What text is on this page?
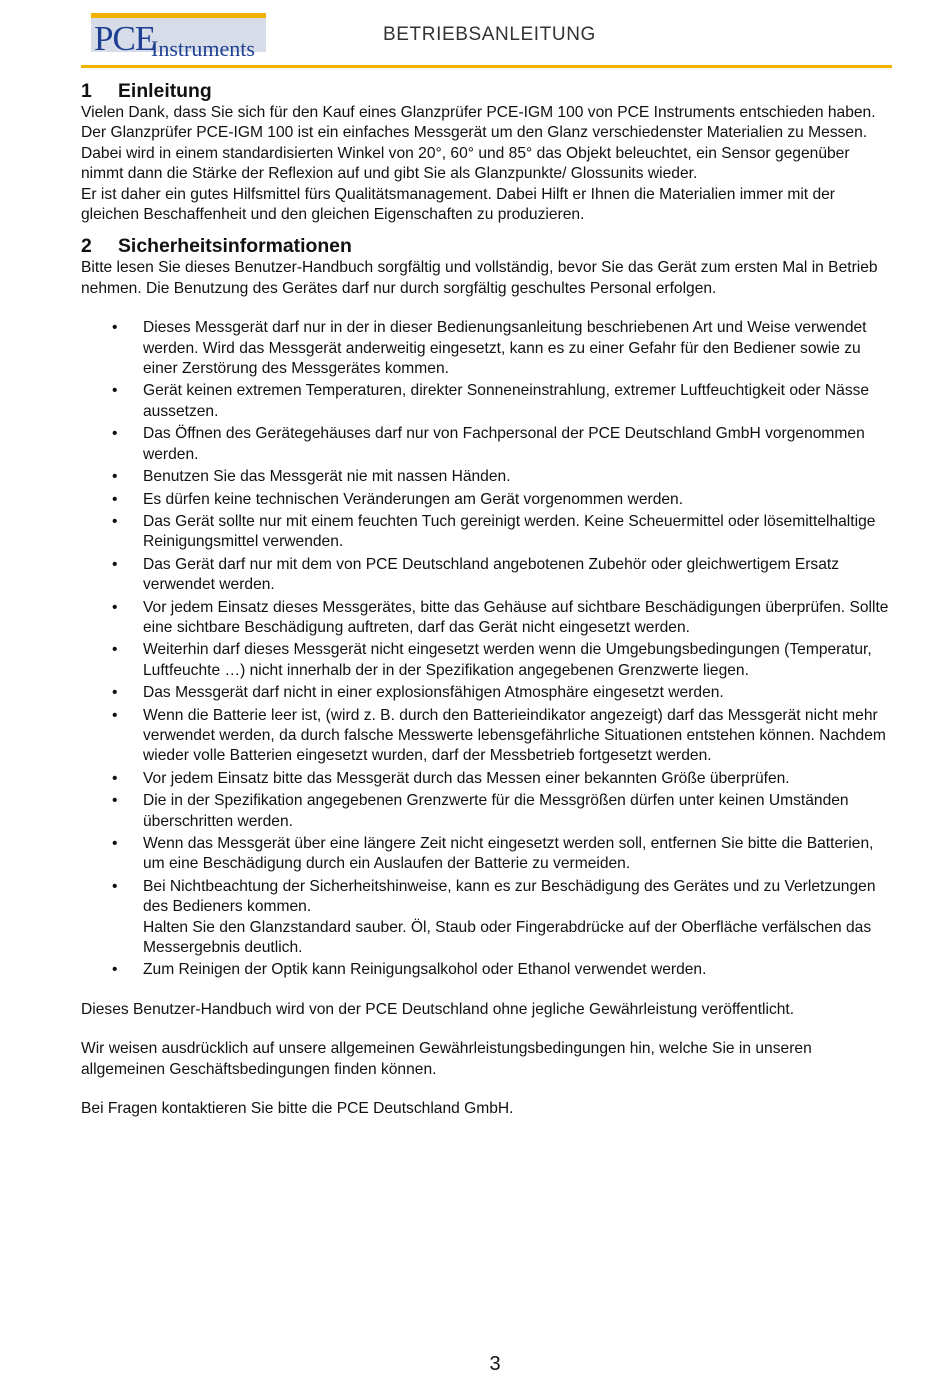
PCE
Instruments
BETRIEBSANLEITUNG
1 Einleitung

Vielen Dank, dass Sie sich für den Kauf eines Glanzprüfer PCE-IGM 100 von PCE Instruments entschieden haben.

Der Glanzprüfer PCE-IGM 100 ist ein einfaches Messgerät um den Glanz verschiedenster Materialien zu Messen. Dabei wird in einem standardisierten Winkel von 20°, 60° und 85° das Objekt beleuchtet, ein Sensor gegenüber nimmt dann die Stärke der Reflexion auf und gibt Sie als Glanzpunkte/ Glossunits wieder.

Er ist daher ein gutes Hilfsmittel fürs Qualitätsmanagement. Dabei Hilft er Ihnen die Materialien immer mit der gleichen Beschaffenheit und den gleichen Eigenschaften zu produzieren.

2 Sicherheitsinformationen

Bitte lesen Sie dieses Benutzer-Handbuch sorgfältig und vollständig, bevor Sie das Gerät zum ersten Mal in Betrieb nehmen. Die Benutzung des Gerätes darf nur durch sorgfältig geschultes Personal erfolgen.

• Dieses Messgerät darf nur in der in dieser Bedienungsanleitung beschriebenen Art und Weise verwendet werden. Wird das Messgerät anderweitig eingesetzt, kann es zu einer Gefahr für den Bediener sowie zu einer Zerstörung des Messgerätes kommen.
• Gerät keinen extremen Temperaturen, direkter Sonneneinstrahlung, extremer Luftfeuchtigkeit oder Nässe aussetzen.
• Das Öffnen des Gerätegehäuses darf nur von Fachpersonal der PCE Deutschland GmbH vorgenommen werden.
• Benutzen Sie das Messgerät nie mit nassen Händen.
• Es dürfen keine technischen Veränderungen am Gerät vorgenommen werden.
• Das Gerät sollte nur mit einem feuchten Tuch gereinigt werden. Keine Scheuermittel oder lösemittelhaltige Reinigungsmittel verwenden.
• Das Gerät darf nur mit dem von PCE Deutschland angebotenen Zubehör oder gleichwertigem Ersatz verwendet werden.
• Vor jedem Einsatz dieses Messgerätes, bitte das Gehäuse auf sichtbare Beschädigungen überprüfen. Sollte eine sichtbare Beschädigung auftreten, darf das Gerät nicht eingesetzt werden.
• Weiterhin darf dieses Messgerät nicht eingesetzt werden wenn die Umgebungsbedingungen (Temperatur, Luftfeuchte …) nicht innerhalb der in der Spezifikation angegebenen Grenzwerte liegen.
• Das Messgerät darf nicht in einer explosionsfähigen Atmosphäre eingesetzt werden.
• Wenn die Batterie leer ist, (wird z. B. durch den Batterieindikator angezeigt) darf das Messgerät nicht mehr verwendet werden, da durch falsche Messwerte lebensgefährliche Situationen entstehen können. Nachdem wieder volle Batterien eingesetzt wurden, darf der Messbetrieb fortgesetzt werden.
• Vor jedem Einsatz bitte das Messgerät durch das Messen einer bekannten Größe überprüfen.
• Die in der Spezifikation angegebenen Grenzwerte für die Messgrößen dürfen unter keinen Umständen überschritten werden.
• Wenn das Messgerät über eine längere Zeit nicht eingesetzt werden soll, entfernen Sie bitte die Batterien, um eine Beschädigung durch ein Auslaufen der Batterie zu vermeiden.
• Bei Nichtbeachtung der Sicherheitshinweise, kann es zur Beschädigung des Gerätes und zu Verletzungen des Bedieners kommen.
Halten Sie den Glanzstandard sauber. Öl, Staub oder Fingerabdrücke auf der Oberfläche verfälschen das Messergebnis deutlich.
• Zum Reinigen der Optik kann Reinigungsalkohol oder Ethanol verwendet werden.

Dieses Benutzer-Handbuch wird von der PCE Deutschland ohne jegliche Gewährleistung veröffentlicht.

Wir weisen ausdrücklich auf unsere allgemeinen Gewährleistungsbedingungen hin, welche Sie in unseren allgemeinen Geschäftsbedingungen finden können.

Bei Fragen kontaktieren Sie bitte die PCE Deutschland GmbH.

3
